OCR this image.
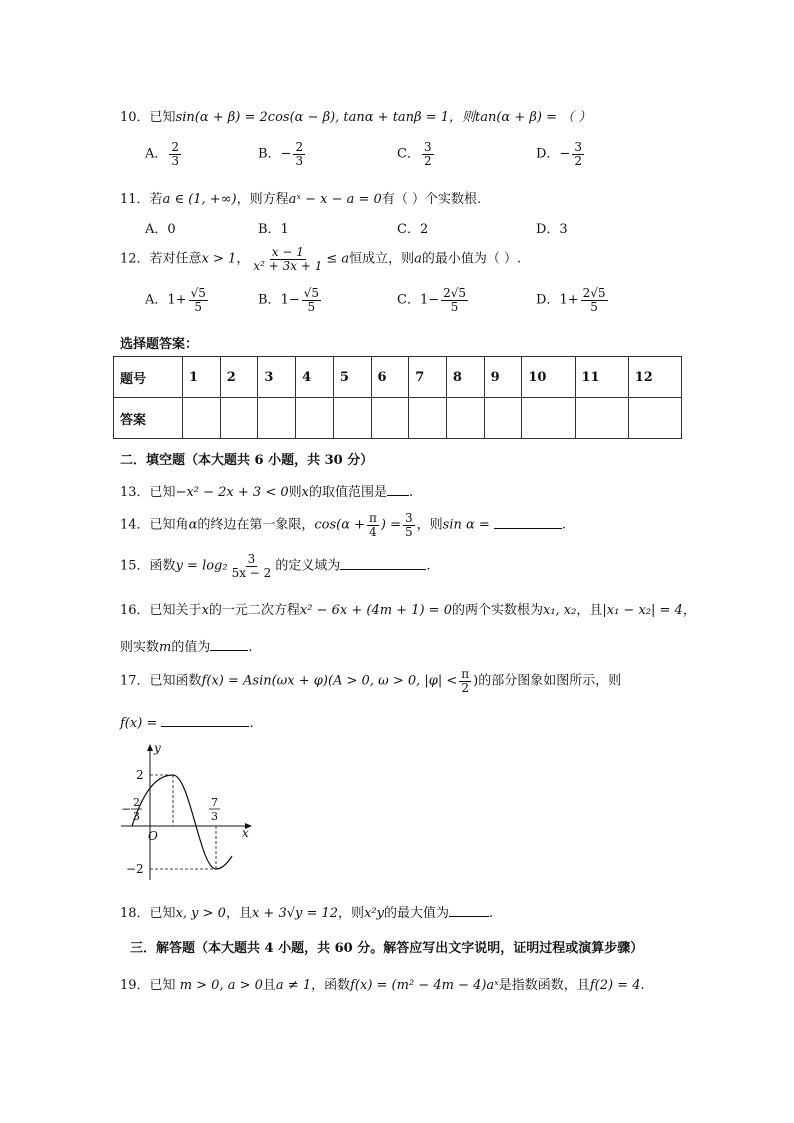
10．已知sin(α + β) = 2cos(α − β), tanα + tanβ = 1，则tan(α + β) = （ ）
A． $\frac{2}{3}$	B．− $\frac{2}{3}$	C． $\frac{3}{2}$	D．− $\frac{3}{2}$
11．若a ∈ (1, +∞)，则方程aˣ − x − a = 0有（ ）个实数根.
A．0	B．1	C．2	D．3
12．若对任意x > 1， $\frac{x - 1}{\text{x² + 3x + 1}} \le a$恒成立，则a的最小值为（ ）.
A．$1+ \frac{√5}{5}$	B．$1- \frac{√5}{5}$	C．$1- \frac{2√5}{5}$	D．$1+ \frac{2√5}{5}$
选择题答案：
题号	1	2	3	4	5	6	7	8	9	10	11	12
答案												
二．填空题（本大题共 6 小题，共 30 分）
13．已知−x² − 2x + 3 < 0则x的取值范围是 .
14．已知角α的终边在第一象限，$\cos(\alpha + \frac{\pi}{4}$ ) = $\frac{3}{5}$ ，则sin α =	.
15．函数$y = \log_2 \frac{3}{5x - 2}$ 的定义域为	.
16．已知关于x的一元二次方程x² − 6x + (4m + 1) = 0的两个实数根为x₁, x₂，且|x₁ − x₂| = 4，
则实数m的值为	.
17．已知函数f(x) = Asin(ωx + φ)(A > 0, ω > 0, $|\varphi| < \frac{\pi}{2}$ )的部分图象如图所示，则
f(x) =	.
y
x
O
2
−2
− 2
3
7
3
18．已知x, y > 0，且x + 3√y = 12，则x²y的最大值为	.
三．解答题（本大题共 4 小题，共 60 分。解答应写出文字说明，证明过程或演算步骤）
19．已知 m > 0, a > 0且a ≠ 1，函数f(x) = (m² − 4m − 4)aˣ是指数函数，且f(2) = 4.
